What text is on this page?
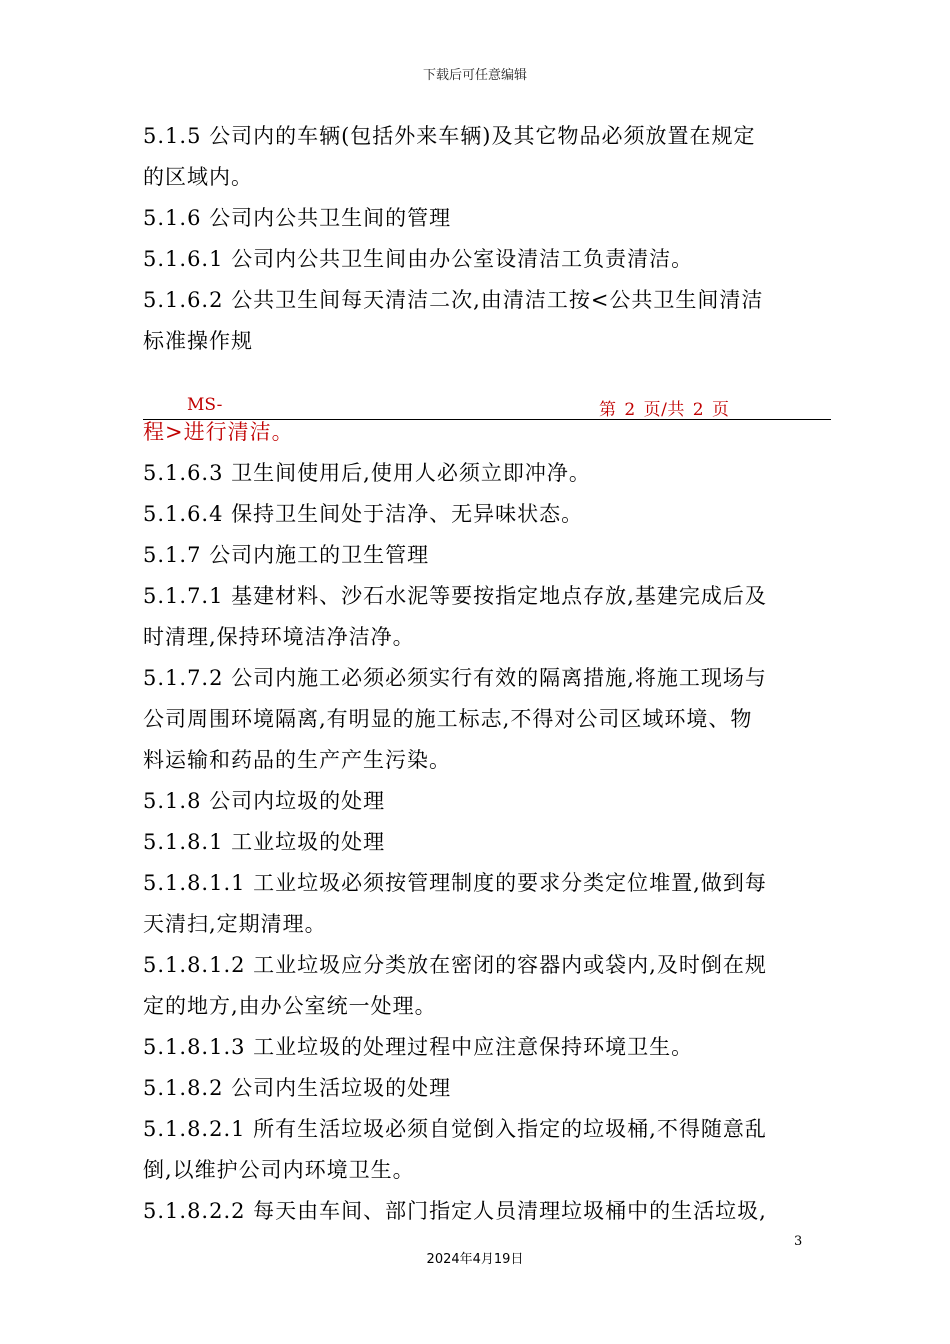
下载后可任意编辑
5.1.5 公司内的车辆(包括外来车辆)及其它物品必须放置在规定
的区域内。
5.1.6 公司内公共卫生间的管理
5.1.6.1 公司内公共卫生间由办公室设清洁工负责清洁。
5.1.6.2 公共卫生间每天清洁二次,由清洁工按<公共卫生间清洁
标准操作规
MS-	第 2 页/共 2 页
程>进行清洁。
5.1.6.3 卫生间使用后,使用人必须立即冲净。
5.1.6.4 保持卫生间处于洁净、无异味状态。
5.1.7 公司内施工的卫生管理
5.1.7.1 基建材料、沙石水泥等要按指定地点存放,基建完成后及
时清理,保持环境洁净洁净。
5.1.7.2 公司内施工必须必须实行有效的隔离措施,将施工现场与
公司周围环境隔离,有明显的施工标志,不得对公司区域环境、物
料运输和药品的生产产生污染。
5.1.8 公司内垃圾的处理
5.1.8.1 工业垃圾的处理
5.1.8.1.1 工业垃圾必须按管理制度的要求分类定位堆置,做到每
天清扫,定期清理。
5.1.8.1.2 工业垃圾应分类放在密闭的容器内或袋内,及时倒在规
定的地方,由办公室统一处理。
5.1.8.1.3 工业垃圾的处理过程中应注意保持环境卫生。
5.1.8.2 公司内生活垃圾的处理
5.1.8.2.1 所有生活垃圾必须自觉倒入指定的垃圾桶,不得随意乱
倒,以维护公司内环境卫生。
5.1.8.2.2 每天由车间、部门指定人员清理垃圾桶中的生活垃圾,
3
2024年4月19日
